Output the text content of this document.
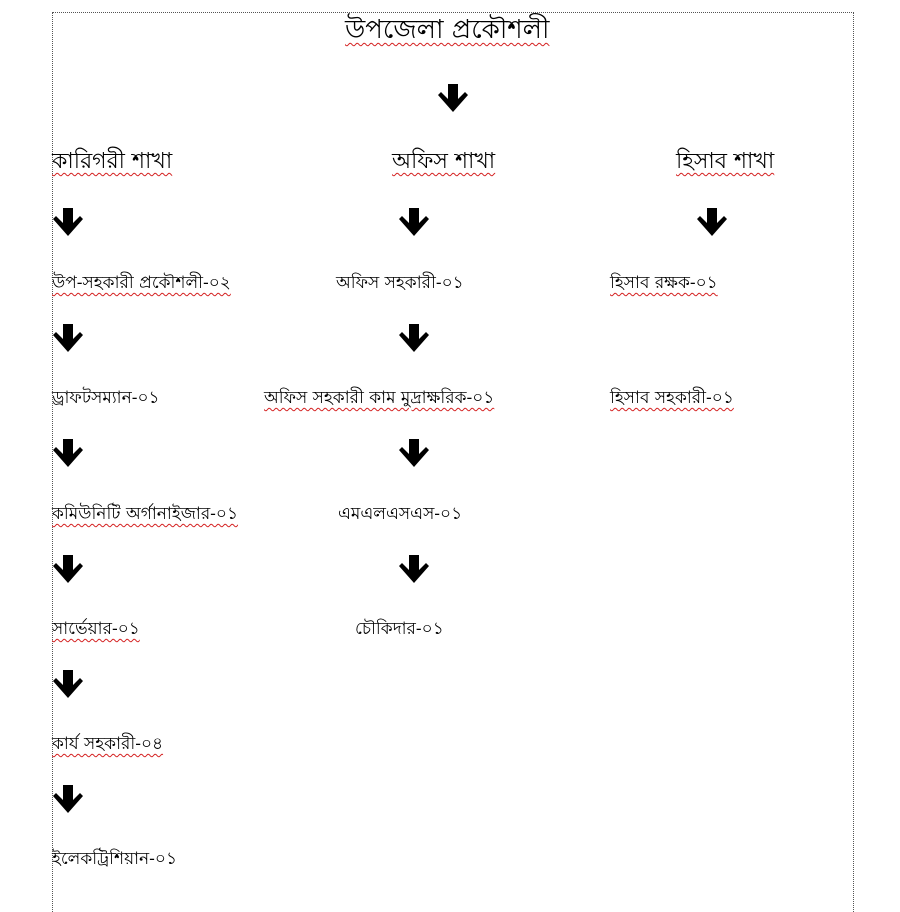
উপজেলা প্রকৌশলী
কারিগরী শাখা	অফিস শাখা	হিসাব শাখা
উপ-সহকারী প্রকৌশলী-০২
ড্রাফটসম্যান-০১
কমিউনিটি অর্গানাইজার-০১
সার্ভেয়ার-০১
কার্য সহকারী-০৪
ইলেকট্রিশিয়ান-০১
অফিস সহকারী-০১
অফিস সহকারী কাম মুদ্রাক্ষরিক-০১
এমএলএসএস-০১
চৌকিদার-০১
হিসাব রক্ষক-০১
হিসাব সহকারী-০১
